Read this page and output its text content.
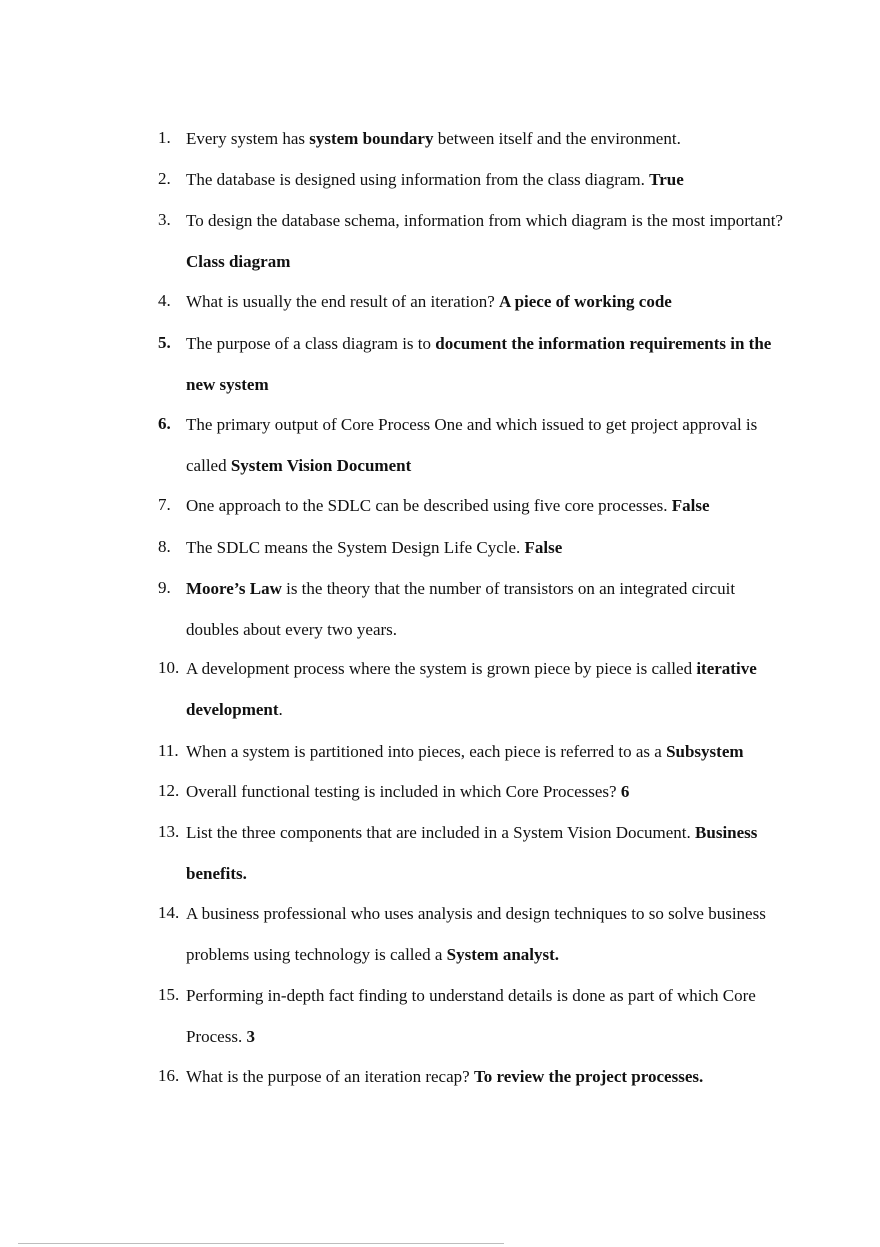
1. Every system has system boundary between itself and the environment.
2. The database is designed using information from the class diagram. True
3. To design the database schema, information from which diagram is the most important? Class diagram
4. What is usually the end result of an iteration? A piece of working code
5. The purpose of a class diagram is to document the information requirements in the new system
6. The primary output of Core Process One and which issued to get project approval is called System Vision Document
7. One approach to the SDLC can be described using five core processes. False
8. The SDLC means the System Design Life Cycle. False
9. Moore’s Law is the theory that the number of transistors on an integrated circuit doubles about every two years.
10. A development process where the system is grown piece by piece is called iterative development.
11. When a system is partitioned into pieces, each piece is referred to as a Subsystem
12. Overall functional testing is included in which Core Processes? 6
13. List the three components that are included in a System Vision Document. Business benefits.
14. A business professional who uses analysis and design techniques to so solve business problems using technology is called a System analyst.
15. Performing in-depth fact finding to understand details is done as part of which Core Process. 3
16. What is the purpose of an iteration recap? To review the project processes.
